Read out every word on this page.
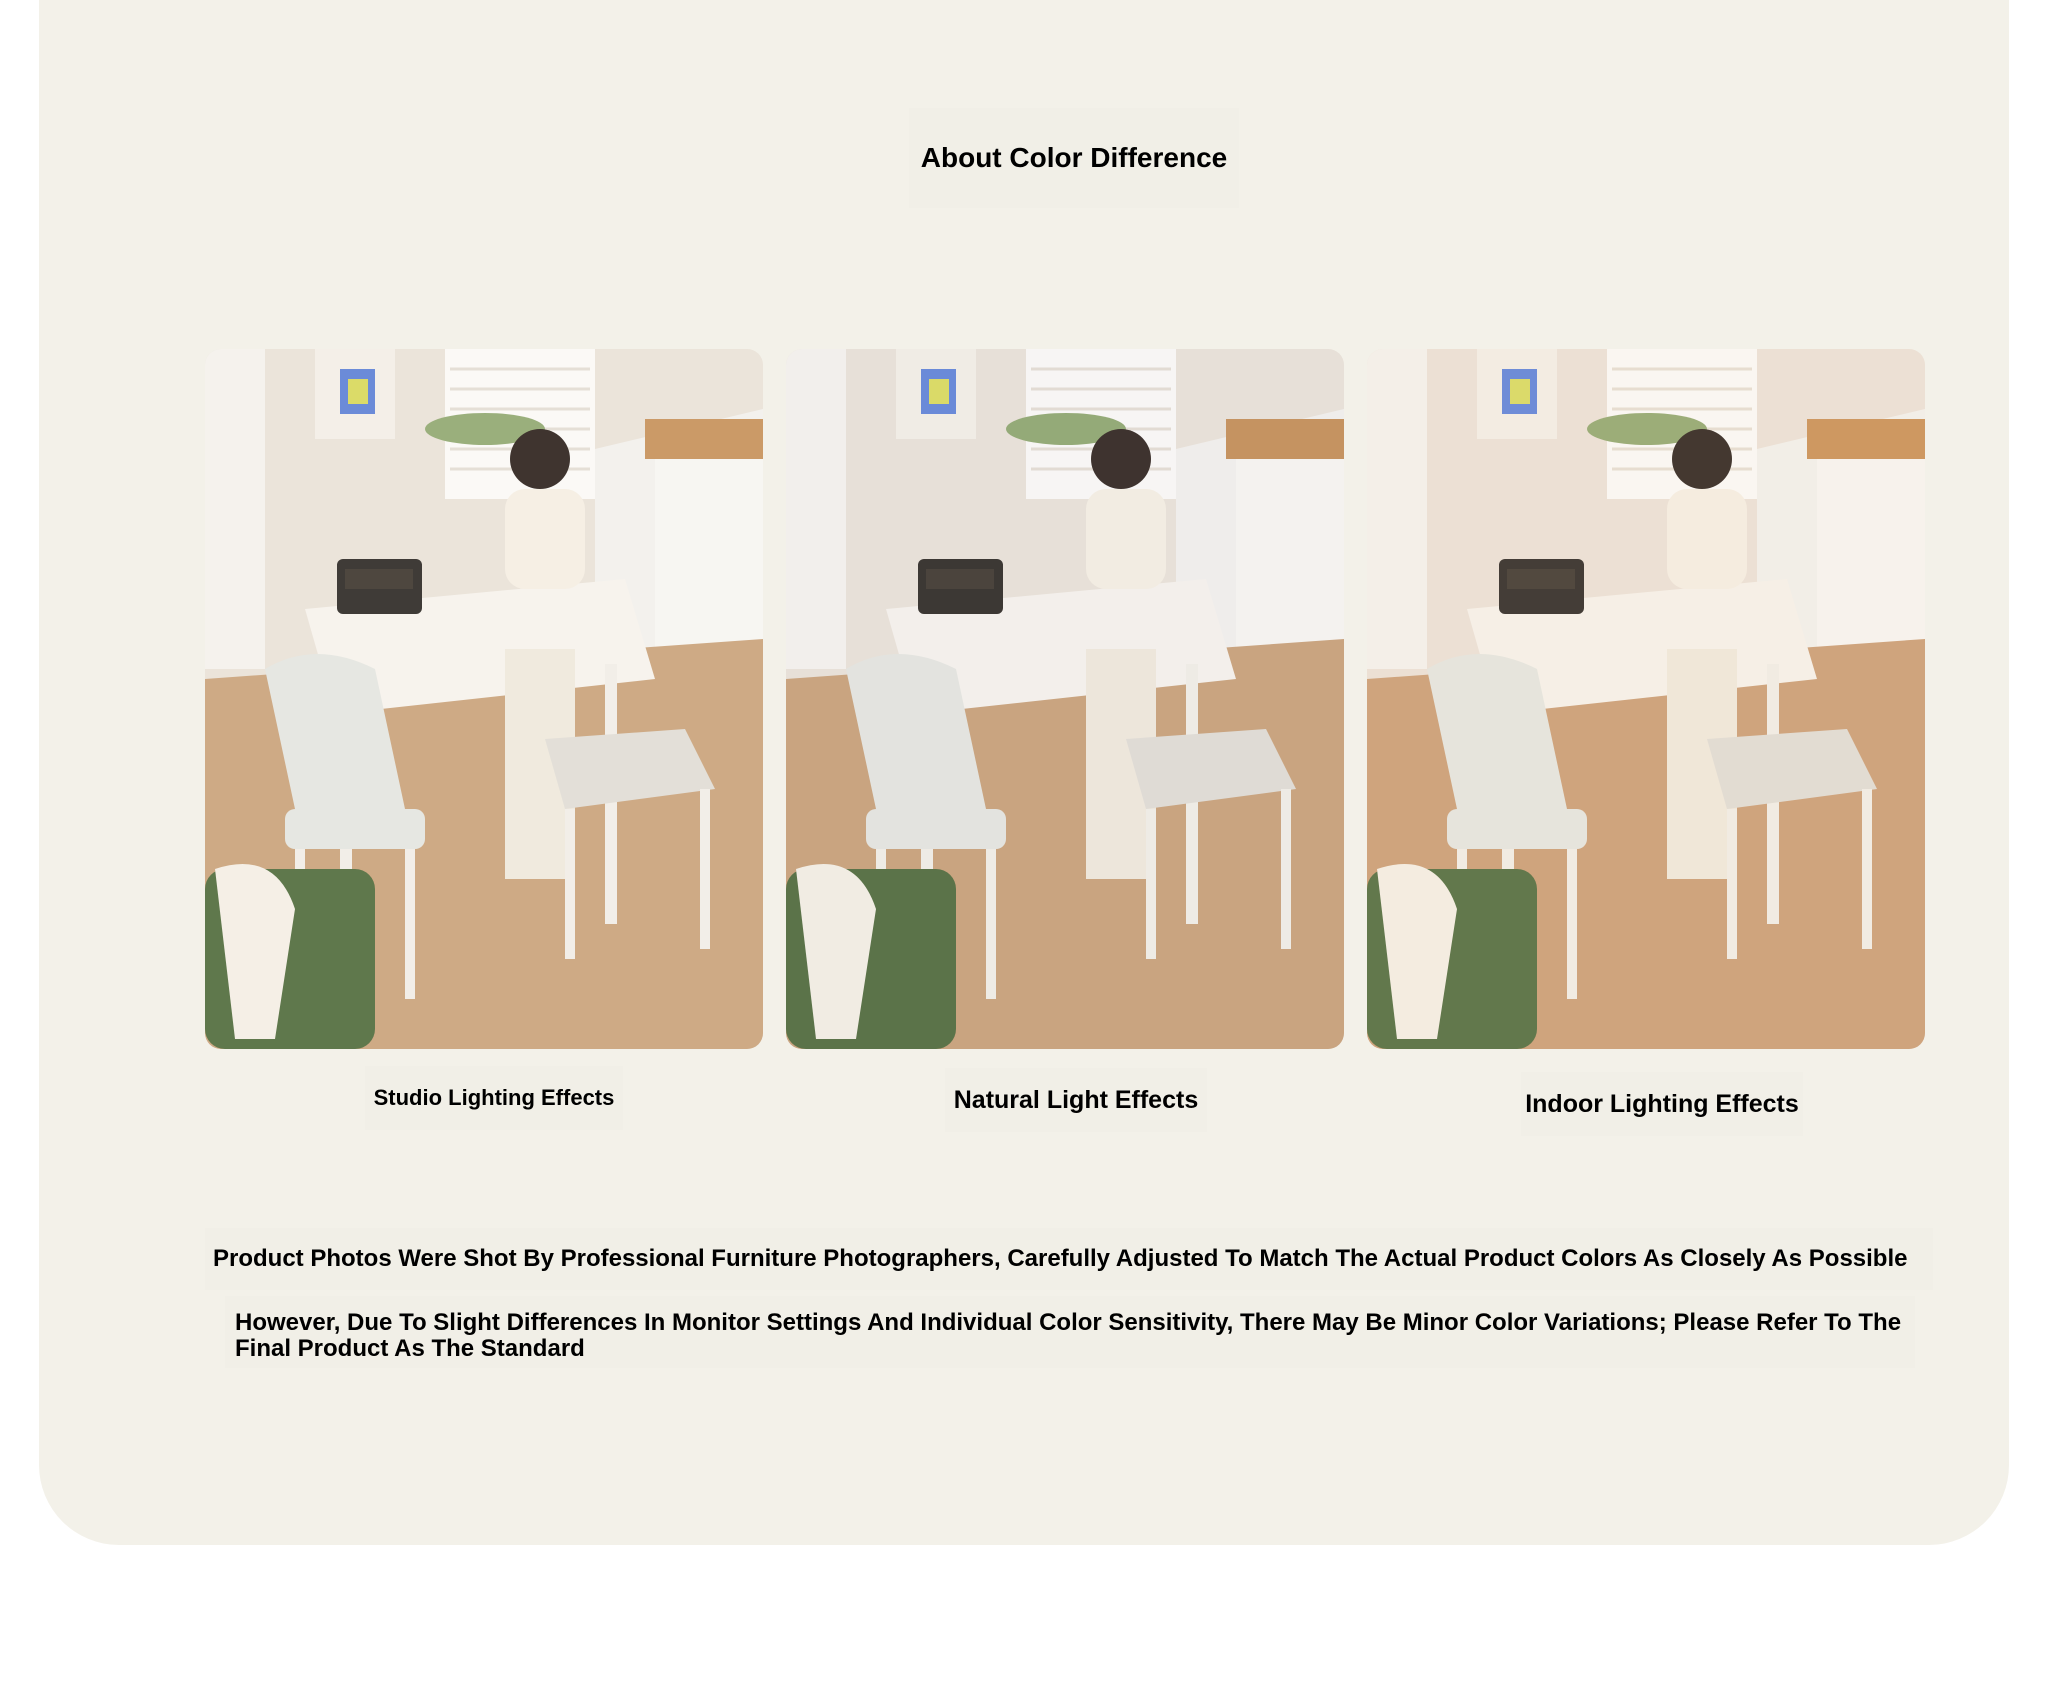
About Color Difference
Studio Lighting Effects	Natural Light Effects	Indoor Lighting Effects
Product Photos Were Shot By Professional Furniture Photographers, Carefully Adjusted To Match The Actual Product Colors As Closely As Possible
However, Due To Slight Differences In Monitor Settings And Individual Color Sensitivity, There May Be Minor Color Variations; Please Refer To The Final Product As The Standard
